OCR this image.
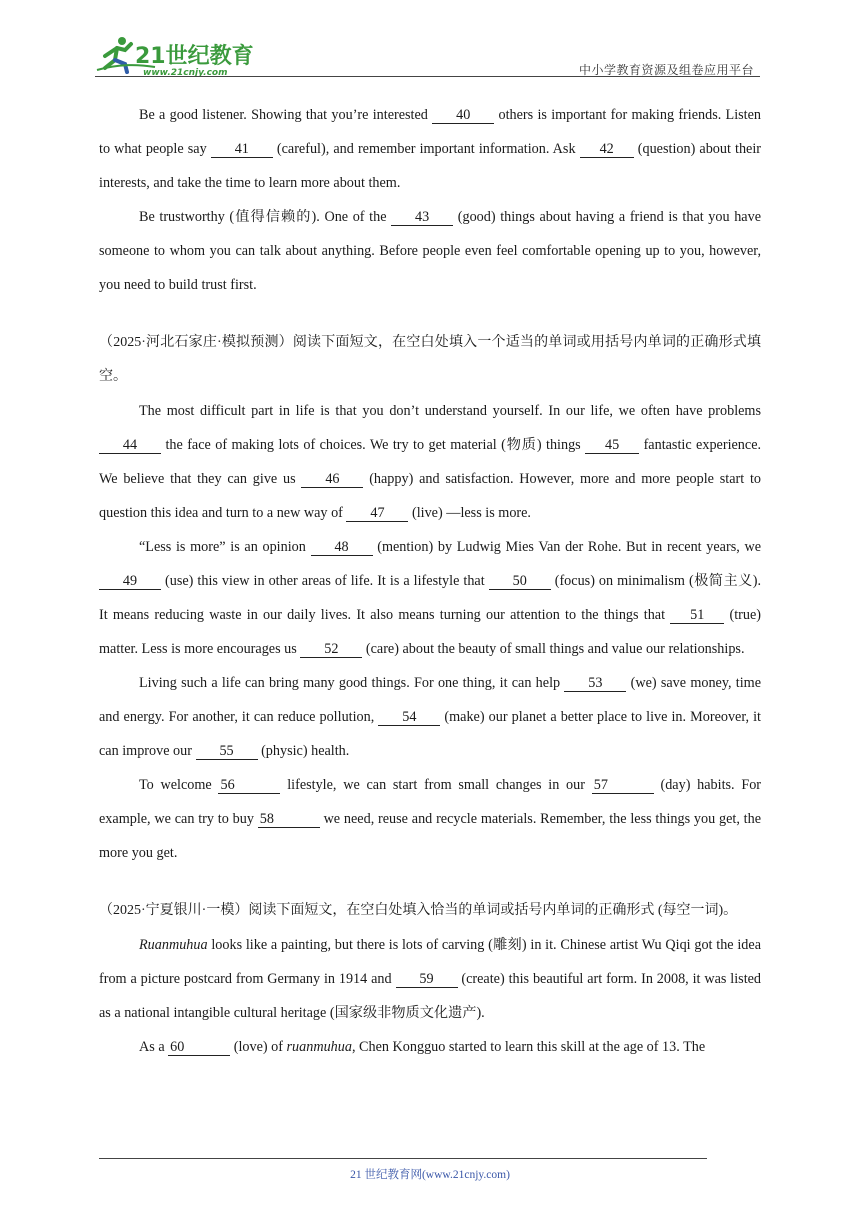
21世纪教育
www.21cnjy.com	中小学教育资源及组卷应用平台

Be a good listener. Showing that you’re interested 40 others is important for making friends. Listen to what people say 41 (careful), and remember important information. Ask 42 (question) about their interests, and take the time to learn more about them.

Be trustworthy (值得信赖的). One of the 43 (good) things about having a friend is that you have someone to whom you can talk about anything. Before people even feel comfortable opening up to you, however, you need to build trust first.

（2025·河北石家庄·模拟预测）阅读下面短文，在空白处填入一个适当的单词或用括号内单词的正确形式填空。

The most difficult part in life is that you don’t understand yourself. In our life, we often have problems 44 the face of making lots of choices. We try to get material (物质) things 45 fantastic experience. We believe that they can give us 46 (happy) and satisfaction. However, more and more people start to question this idea and turn to a new way of 47 (live) —less is more.

“Less is more” is an opinion 48 (mention) by Ludwig Mies Van der Rohe. But in recent years, we 49 (use) this view in other areas of life. It is a lifestyle that 50 (focus) on minimalism (极简主义). It means reducing waste in our daily lives. It also means turning our attention to the things that 51 (true) matter. Less is more encourages us 52 (care) about the beauty of small things and value our relationships.

Living such a life can bring many good things. For one thing, it can help 53 (we) save money, time and energy. For another, it can reduce pollution, 54 (make) our planet a better place to live in. Moreover, it can improve our 55 (physic) health.

To welcome 56	lifestyle, we can start from small changes in our 57	(day) habits. For example, we can try to buy 58	we need, reuse and recycle materials. Remember, the less things you get, the more you get.

（2025·宁夏银川·一模）阅读下面短文，在空白处填入恰当的单词或括号内单词的正确形式 (每空一词)。

Ruanmuhua looks like a painting, but there is lots of carving (雕刻) in it. Chinese artist Wu Qiqi got the idea from a picture postcard from Germany in 1914 and 59 (create) this beautiful art form. In 2008, it was listed as a national intangible cultural heritage (国家级非物质文化遗产).

As a 60	(love) of ruanmuhua, Chen Kongguo started to learn this skill at the age of 13. The

21 世纪教育网(www.21cnjy.com)
